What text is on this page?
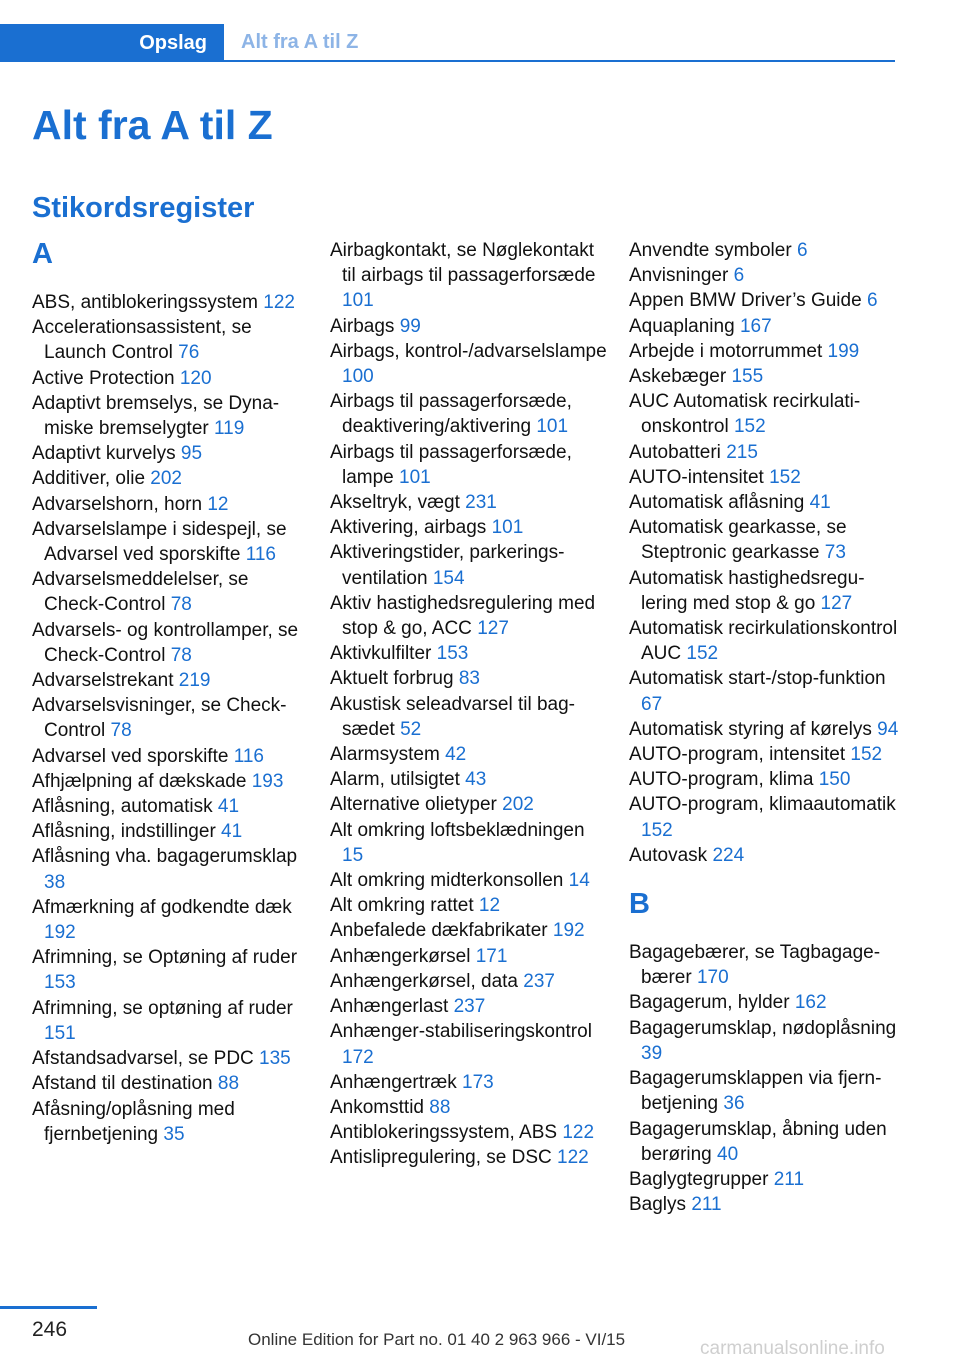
Opslag	Alt fra A til Z
Alt fra A til Z
Stikordsregister
A
ABS, antiblokeringssystem 122
Accelerationsassistent, se Launch Control 76
Active Protection 120
Adaptivt bremselys, se Dynamiske bremselygter 119
Adaptivt kurvelys 95
Additiver, olie 202
Advarselshorn, horn 12
Advarselslampe i sidespejl, se Advarsel ved sporskifte 116
Advarselsmeddelelser, se Check-Control 78
Advarsels- og kontrollamper, se Check-Control 78
Advarselstrekant 219
Advarselsvisninger, se Check-Control 78
Advarsel ved sporskifte 116
Afhjælpning af dækskade 193
Aflåsning, automatisk 41
Aflåsning, indstillinger 41
Aflåsning vha. bagagerumsklap 38
Afmærkning af godkendte dæk 192
Afrimning, se Optøning af ruder 153
Afrimning, se optøning af ruder 151
Afstandsadvarsel, se PDC 135
Afstand til destination 88
Afåsning/oplåsning med fjernbetjening 35
Airbagkontakt, se Nøglekontakt til airbags til passagerforsæde 101
Airbags 99
Airbags, kontrol-/advarselslampe 100
Airbags til passagerforsæde, deaktivering/aktivering 101
Airbags til passagerforsæde, lampe 101
Akseltryk, vægt 231
Aktivering, airbags 101
Aktiveringstider, parkeringsventilation 154
Aktiv hastighedsregulering med stop & go, ACC 127
Aktivkulfilter 153
Aktuelt forbrug 83
Akustisk seleadvarsel til bagsædet 52
Alarmsystem 42
Alarm, utilsigtet 43
Alternative olietyper 202
Alt omkring loftsbeklædningen 15
Alt omkring midterkonsollen 14
Alt omkring rattet 12
Anbefalede dækfabrikater 192
Anhængerkørsel 171
Anhængerkørsel, data 237
Anhængerlast 237
Anhænger-stabiliseringskontrol 172
Anhængertræk 173
Ankomsttid 88
Antiblokeringssystem, ABS 122
Antislipregulering, se DSC 122
Anvendte symboler 6
Anvisninger 6
Appen BMW Driver’s Guide 6
Aquaplaning 167
Arbejde i motorrummet 199
Askebæger 155
AUC Automatisk recirkulationskontrol 152
Autobatteri 215
AUTO-intensitet 152
Automatisk aflåsning 41
Automatisk gearkasse, se Steptronic gearkasse 73
Automatisk hastighedsregulering med stop & go 127
Automatisk recirkulationskontrol AUC 152
Automatisk start-/stop-funktion 67
Automatisk styring af kørelys 94
AUTO-program, intensitet 152
AUTO-program, klima 150
AUTO-program, klimaautomatik 152
Autovask 224
B
Bagagebærer, se Tagbagagebærer 170
Bagagerum, hylder 162
Bagagerumsklap, nødoplåsning 39
Bagagerumsklappen via fjernbetjening 36
Bagagerumsklap, åbning uden berøring 40
Baglygtegrupper 211
Baglys 211
246	Online Edition for Part no. 01 40 2 963 966 - VI/15	carmanualsonline.info
